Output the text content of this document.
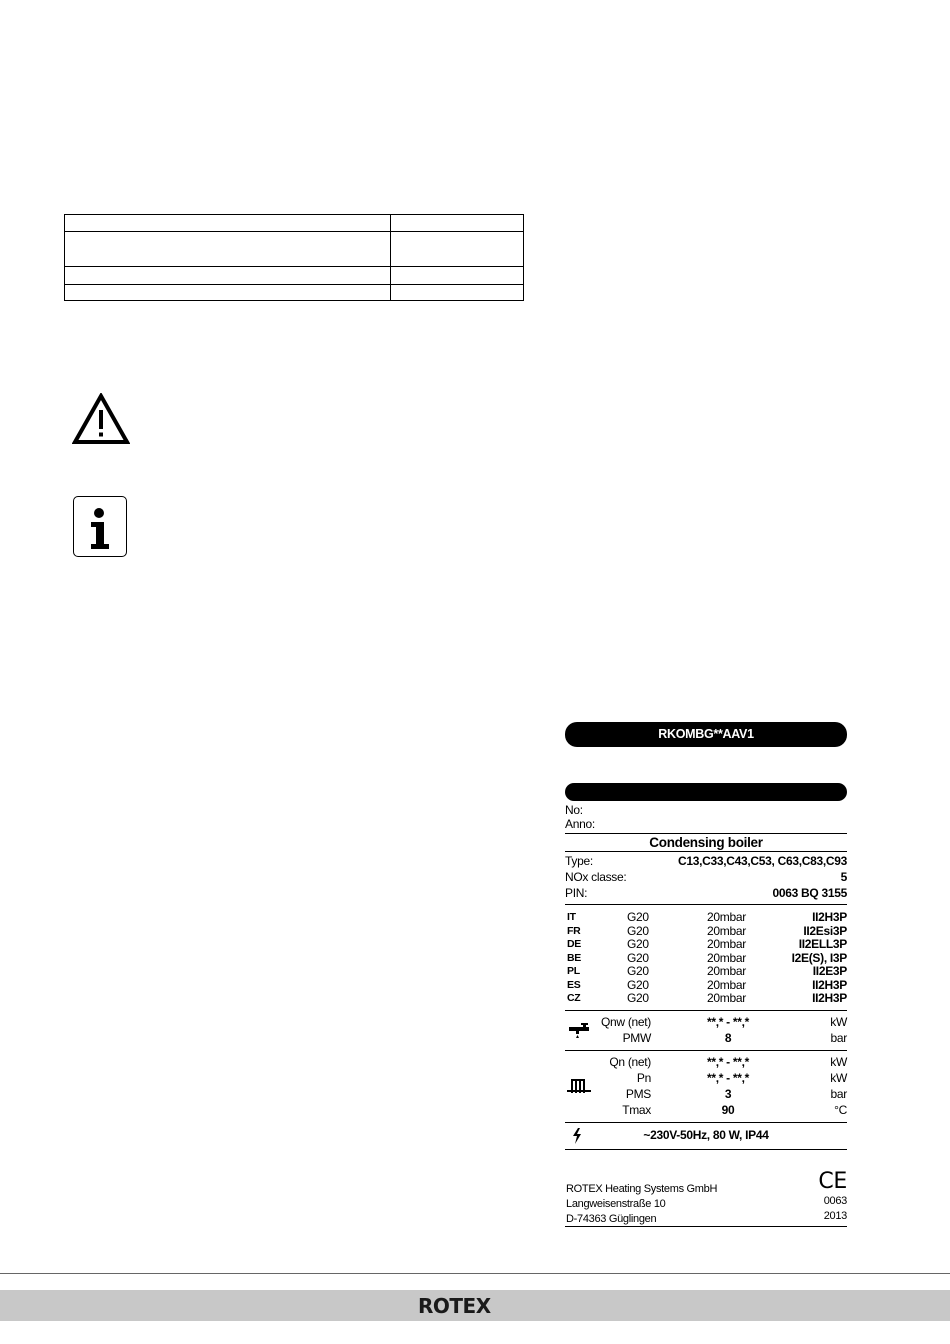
RKOMBG**AAV1
No:
Anno:
Condensing boiler
Type:	C13,C33,C43,C53, C63,C83,C93
NOx classe:	5
PIN:	0063 BQ 3155
IT	G20	20mbar	II2H3P
FR	G20	20mbar	II2Esi3P
DE	G20	20mbar	II2ELL3P
BE	G20	20mbar	I2E(S), I3P
PL	G20	20mbar	II2E3P
ES	G20	20mbar	II2H3P
CZ	G20	20mbar	II2H3P
Qnw (net)	**,* - **,*	kW
PMW	8	bar
Qn (net)	**,* - **,*	kW
Pn	**,* - **,*	kW
PMS	3	bar
Tmax	90	°C
~230V-50Hz, 80 W, IP44
ROTEX Heating Systems GmbH
Langweisenstraße 10
D-74363 Güglingen
CE
0063
2013
ROTEX
